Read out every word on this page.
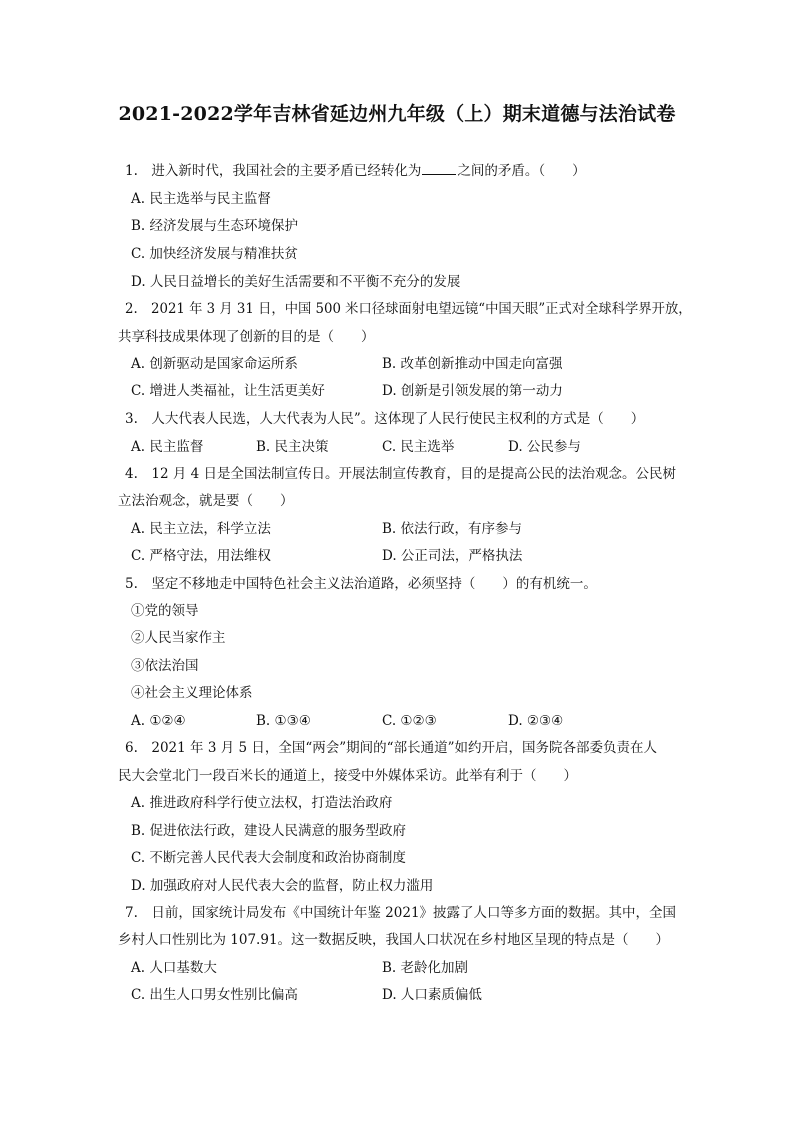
2021-2022学年吉林省延边州九年级（上）期末道德与法治试卷
1.　进入新时代，我国社会的主要矛盾已经转化为	之间的矛盾。（　　）
A. 民主选举与民主监督
B. 经济发展与生态环境保护
C. 加快经济发展与精准扶贫
D. 人民日益增长的美好生活需要和不平衡不充分的发展
2.　2021 年 3 月 31 日，中国 500 米口径球面射电望远镜“中国天眼”正式对全球科学界开放，
共享科技成果体现了创新的目的是（　　）
A. 创新驱动是国家命运所系	B. 改革创新推动中国走向富强
C. 增进人类福祉，让生活更美好	D. 创新是引领发展的第一动力
3.　人大代表人民选，人大代表为人民”。这体现了人民行使民主权利的方式是（　　）
A. 民主监督	B. 民主决策	C. 民主选举	D. 公民参与
4.　12 月 4 日是全国法制宣传日。开展法制宣传教育，目的是提高公民的法治观念。公民树
立法治观念，就是要（　　）
A. 民主立法，科学立法	B. 依法行政，有序参与
C. 严格守法，用法维权	D. 公正司法，严格执法
5.　坚定不移地走中国特色社会主义法治道路，必须坚持（　　）的有机统一。
①党的领导
②人民当家作主
③依法治国
④社会主义理论体系
A. ①②④	B. ①③④	C. ①②③	D. ②③④
6.　2021 年 3 月 5 日，全国“两会”期间的“部长通道”如约开启，国务院各部委负责在人
民大会堂北门一段百米长的通道上，接受中外媒体采访。此举有利于（　　）
A. 推进政府科学行使立法权，打造法治政府
B. 促进依法行政，建设人民满意的服务型政府
C. 不断完善人民代表大会制度和政治协商制度
D. 加强政府对人民代表大会的监督，防止权力滥用
7.　日前，国家统计局发布《中国统计年鉴 2021》披露了人口等多方面的数据。其中，全国
乡村人口性别比为 107.91。这一数据反映，我国人口状况在乡村地区呈现的特点是（　　）
A. 人口基数大	B. 老龄化加剧
C. 出生人口男女性别比偏高	D. 人口素质偏低
